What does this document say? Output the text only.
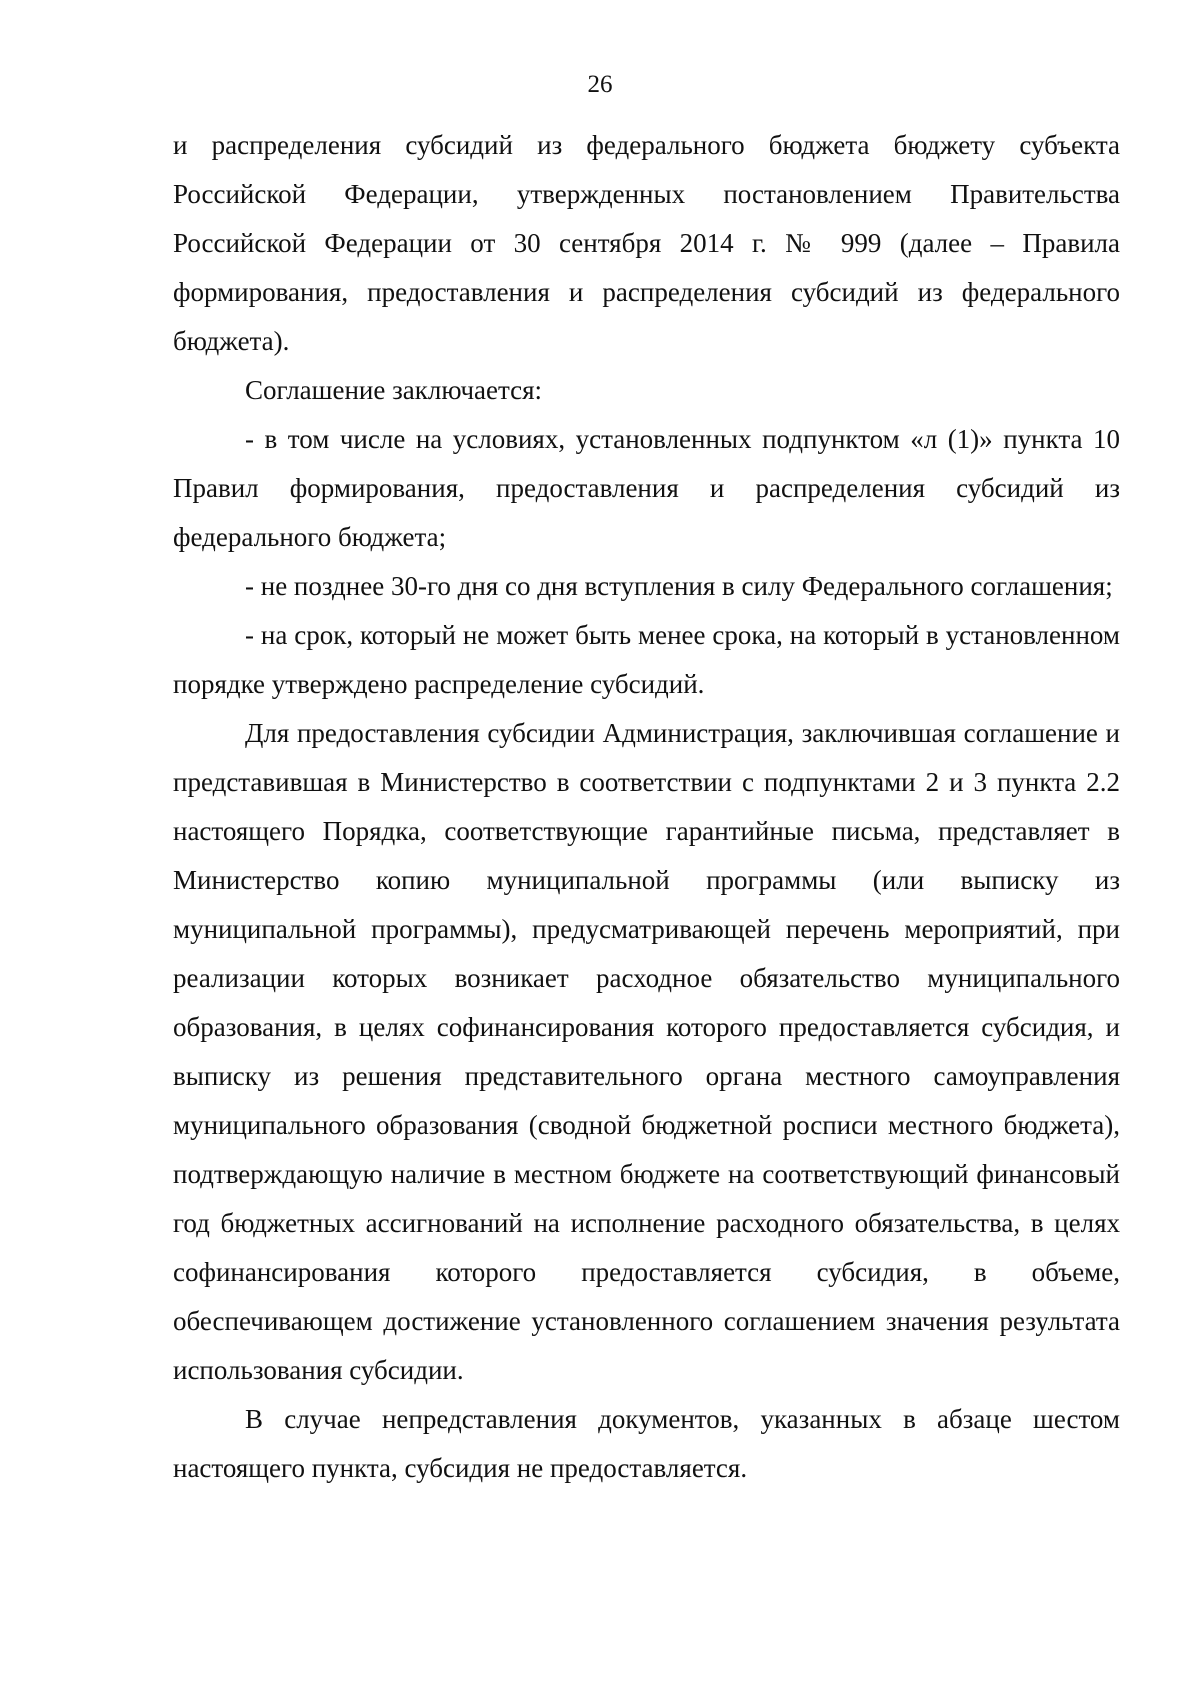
26

и распределения субсидий из федерального бюджета бюджету субъекта Российской Федерации, утвержденных постановлением Правительства Российской Федерации от 30 сентября 2014 г. № 999 (далее – Правила формирования, предоставления и распределения субсидий из федерального бюджета).

Соглашение заключается:

- в том числе на условиях, установленных подпунктом «л (1)» пункта 10 Правил формирования, предоставления и распределения субсидий из федерального бюджета;

- не позднее 30-го дня со дня вступления в силу Федерального соглашения;

- на срок, который не может быть менее срока, на который в установленном порядке утверждено распределение субсидий.

Для предоставления субсидии Администрация, заключившая соглашение и представившая в Министерство в соответствии с подпунктами 2 и 3 пункта 2.2 настоящего Порядка, соответствующие гарантийные письма, представляет в Министерство копию муниципальной программы (или выписку из муниципальной программы), предусматривающей перечень мероприятий, при реализации которых возникает расходное обязательство муниципального образования, в целях софинансирования которого предоставляется субсидия, и выписку из решения представительного органа местного самоуправления муниципального образования (сводной бюджетной росписи местного бюджета), подтверждающую наличие в местном бюджете на соответствующий финансовый год бюджетных ассигнований на исполнение расходного обязательства, в целях софинансирования которого предоставляется субсидия, в объеме, обеспечивающем достижение установленного соглашением значения результата использования субсидии.

В случае непредставления документов, указанных в абзаце шестом настоящего пункта, субсидия не предоставляется.
